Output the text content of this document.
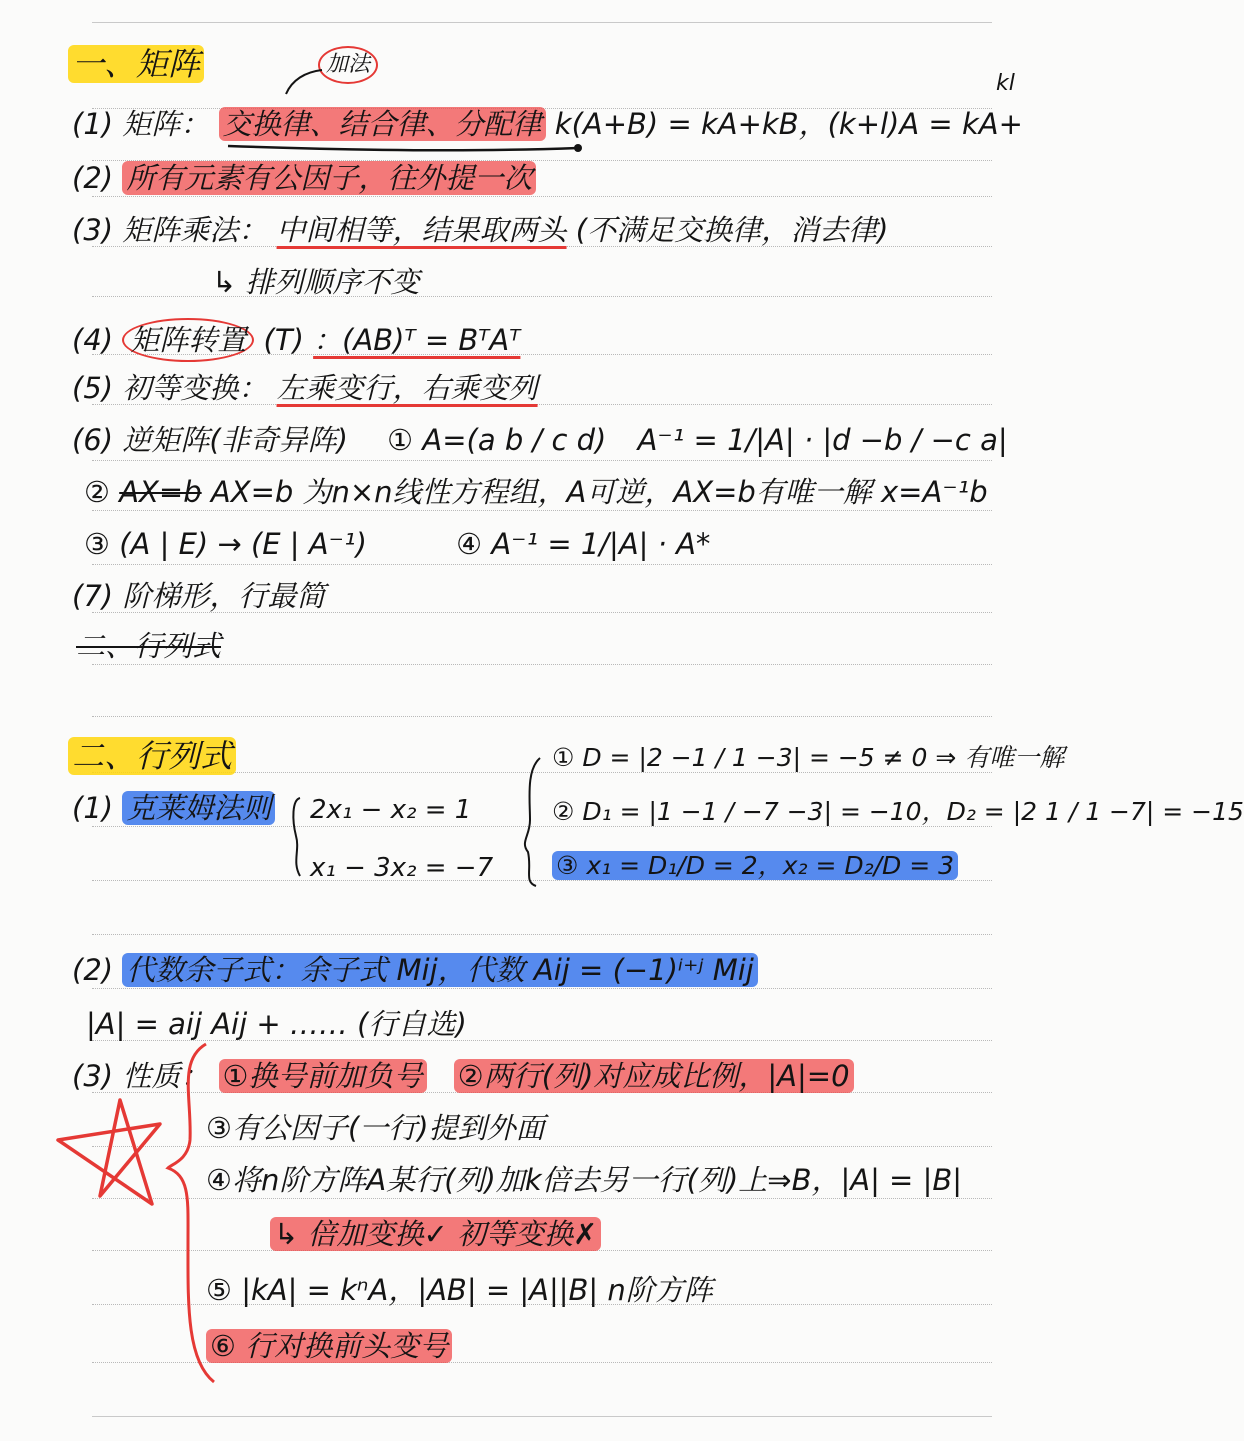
一、矩阵
kl
加法
(1) 矩阵： 交换律、结合律、分配律 k(A+B) = kA+kB，(k+l)A = kA+
(2) 所有元素有公因子，往外提一次
(3) 矩阵乘法： 中间相等，结果取两头 (不满足交换律，消去律)
↳ 排列顺序不变
(4) 矩阵转置 (T) ：(AB)ᵀ = BᵀAᵀ
(5) 初等变换： 左乘变行，右乘变列
(6) 逆矩阵(非奇异阵) ① A=(a b / c d) A⁻¹ = 1/|A| · |d −b / −c a|
② AX=b AX=b 为n×n线性方程组，A可逆，AX=b有唯一解 x=A⁻¹b
③ (A | E) → (E | A⁻¹)	④ A⁻¹ = 1/|A| · A*
(7) 阶梯形，行最简
二、行列式
二、行列式
(1) 克莱姆法则 2x₁ − x₂ = 1
x₁ − 3x₂ = −7
① D = |2 −1 / 1 −3| = −5 ≠ 0 ⇒ 有唯一解
② D₁ = |1 −1 / −7 −3| = −10，D₂ = |2 1 / 1 −7| = −15
③ x₁ = D₁/D = 2，x₂ = D₂/D = 3
(2) 代数余子式：余子式 Mij，代数 Aij = (−1)ⁱ⁺ʲ Mij
|A| = aij Aij + …… (行自选)
(3) 性质： ①换号前加负号 ②两行(列)对应成比例，|A|=0
③有公因子(一行)提到外面
④将n阶方阵A某行(列)加k倍去另一行(列)上⇒B，|A| = |B|
↳ 倍加变换✓ 初等变换✗
⑤ |kA| = kⁿA，|AB| = |A||B| n阶方阵
⑥ 行对换前头变号
